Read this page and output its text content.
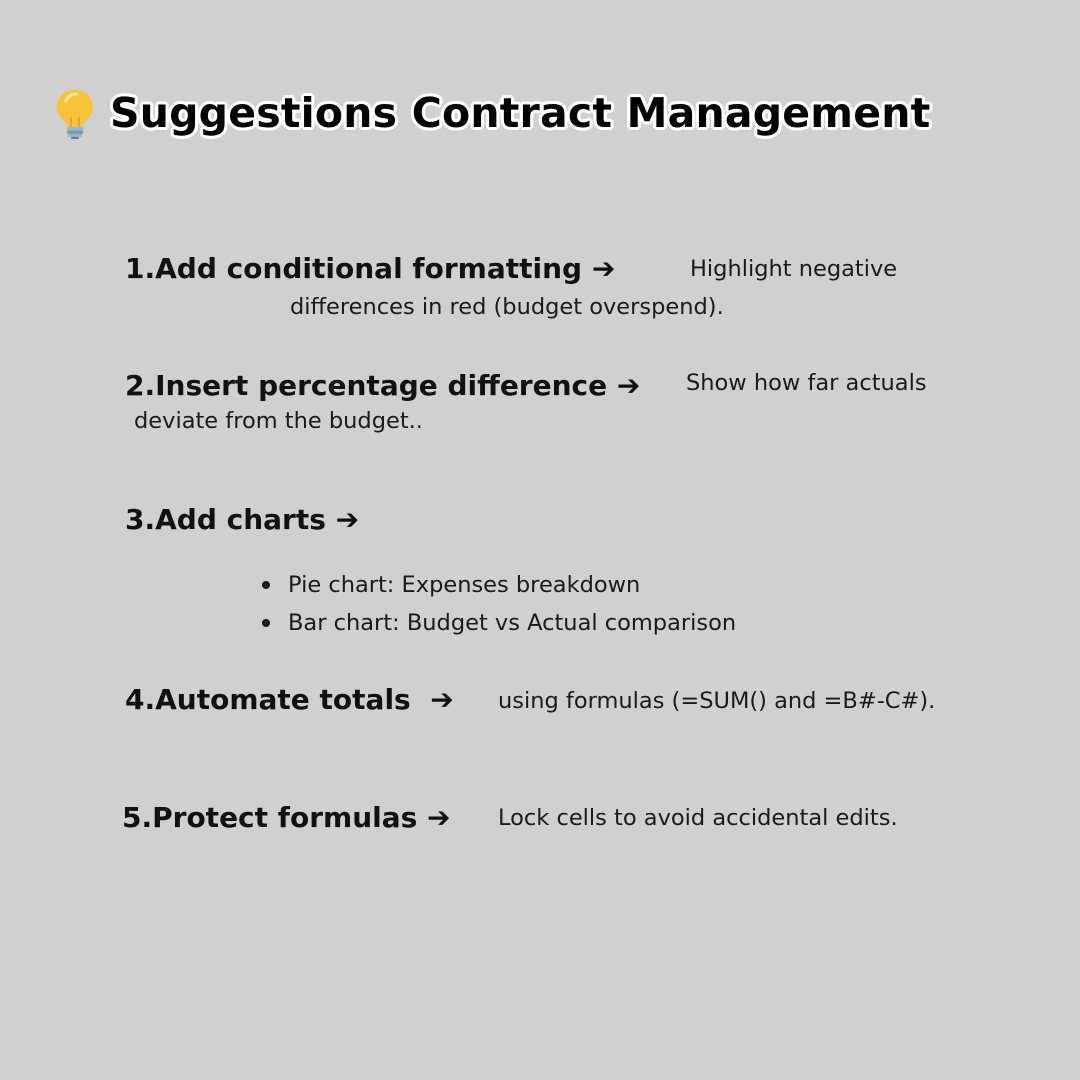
Suggestions Contract Management
1.Add conditional formatting ➔	Highlight negative
differences in red (budget overspend).
2.Insert percentage difference ➔ Show how far actuals
deviate from the budget..
3.Add charts ➔
Pie chart: Expenses breakdown
Bar chart: Budget vs Actual comparison
4.Automate totals  ➔ using formulas (=SUM() and =B#-C#).
5.Protect formulas ➔ Lock cells to avoid accidental edits.
